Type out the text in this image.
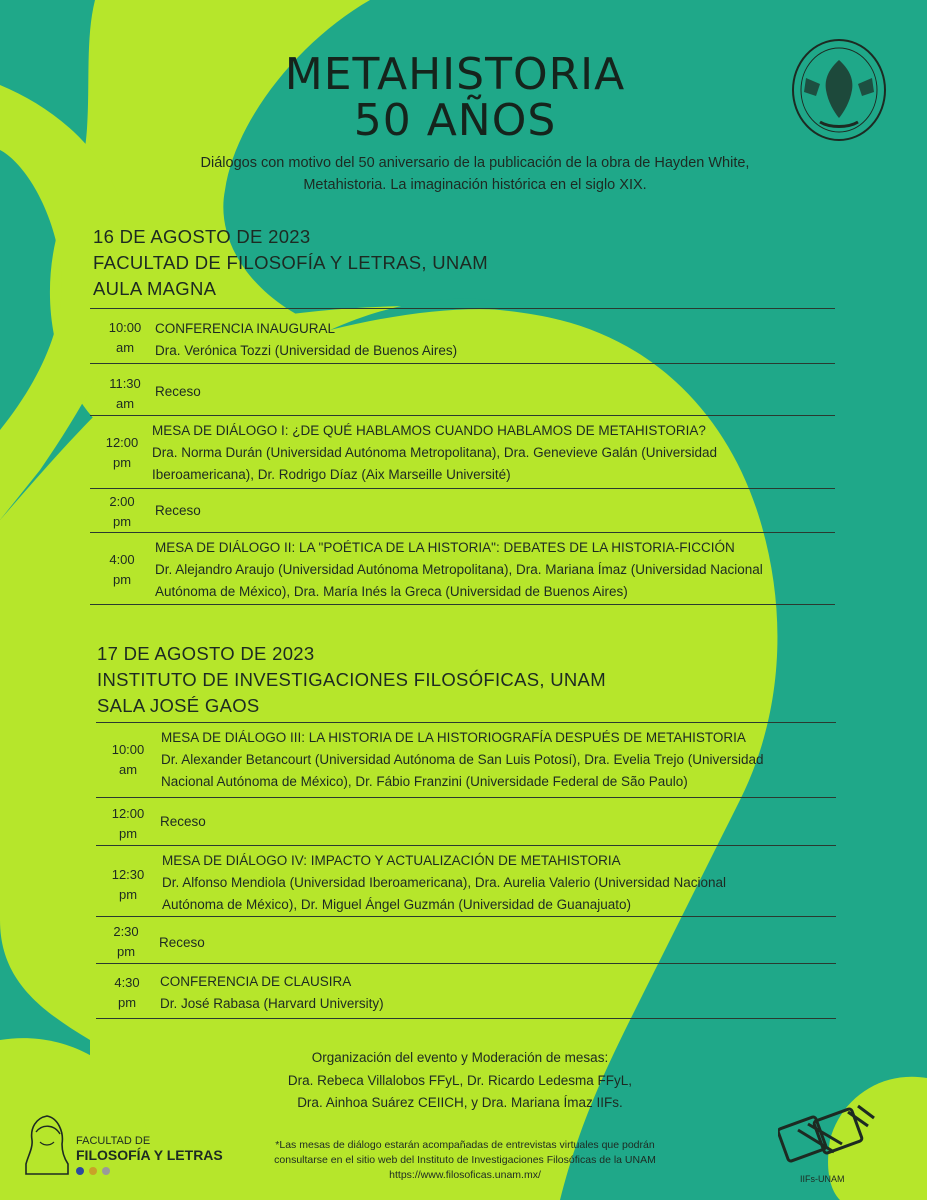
METAHISTORIA
50 AÑOS
Diálogos con motivo del 50 aniversario de la publicación de la obra de Hayden White,
Metahistoria. La imaginación histórica en el siglo XIX.
16 DE AGOSTO DE 2023
FACULTAD DE FILOSOFÍA Y LETRAS, UNAM
AULA MAGNA
10:00
am
CONFERENCIA INAUGURAL
Dra. Verónica Tozzi (Universidad de Buenos Aires)
11:30
am
Receso
12:00
pm
MESA DE DIÁLOGO I: ¿DE QUÉ HABLAMOS CUANDO HABLAMOS DE METAHISTORIA?
Dra. Norma Durán (Universidad Autónoma Metropolitana), Dra. Genevieve Galán (Universidad
Iberoamericana), Dr. Rodrigo Díaz (Aix Marseille Université)
2:00
pm
Receso
4:00
pm
MESA DE DIÁLOGO II: LA "POÉTICA DE LA HISTORIA": DEBATES DE LA HISTORIA-FICCIÓN
Dr. Alejandro Araujo (Universidad Autónoma Metropolitana), Dra. Mariana Ímaz (Universidad Nacional
Autónoma de México), Dra. María Inés la Greca (Universidad de Buenos Aires)
17 DE AGOSTO DE 2023
INSTITUTO DE INVESTIGACIONES FILOSÓFICAS, UNAM
SALA JOSÉ GAOS
10:00
am
MESA DE DIÁLOGO III: LA HISTORIA DE LA HISTORIOGRAFÍA DESPUÉS DE METAHISTORIA
Dr. Alexander Betancourt (Universidad Autónoma de San Luis Potosí), Dra. Evelia Trejo (Universidad
Nacional Autónoma de México), Dr. Fábio Franzini (Universidade Federal de São Paulo)
12:00
pm
Receso
12:30
pm
MESA DE DIÁLOGO IV: IMPACTO Y ACTUALIZACIÓN DE METAHISTORIA
Dr. Alfonso Mendiola (Universidad Iberoamericana), Dra. Aurelia Valerio (Universidad Nacional
Autónoma de México), Dr. Miguel Ángel Guzmán (Universidad de Guanajuato)
2:30
pm
Receso
4:30
pm
CONFERENCIA DE CLAUSIRA
Dr. José Rabasa (Harvard University)
Organización del evento y Moderación de mesas:
Dra. Rebeca Villalobos FFyL, Dr. Ricardo Ledesma FFyL,
Dra. Ainhoa Suárez CEIICH, y Dra. Mariana Ímaz IIFs.
*Las mesas de diálogo estarán acompañadas de entrevistas virtuales que podrán
consultarse en el sitio web del Instituto de Investigaciones Filosóficas de la UNAM
https://www.filosoficas.unam.mx/
FACULTAD DE
FILOSOFÍA Y LETRAS
IIFs-UNAM
